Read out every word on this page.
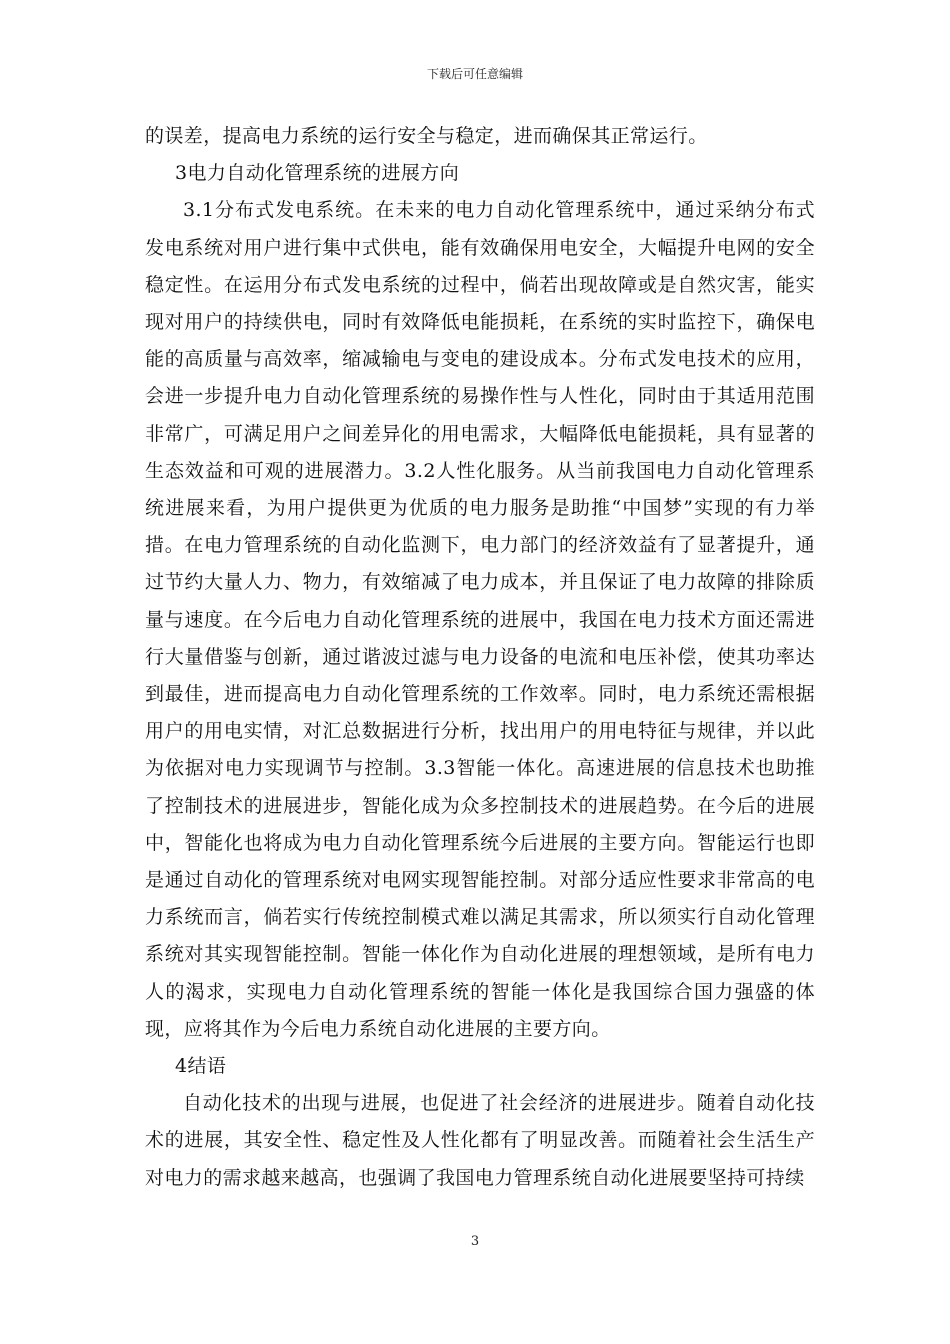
下载后可任意编辑

的误差，提高电力系统的运行安全与稳定，进而确保其正常运行。

3电力自动化管理系统的进展方向

3.1分布式发电系统。在未来的电力自动化管理系统中，通过采纳分布式发电系统对用户进行集中式供电，能有效确保用电安全，大幅提升电网的安全稳定性。在运用分布式发电系统的过程中，倘若出现故障或是自然灾害，能实现对用户的持续供电，同时有效降低电能损耗，在系统的实时监控下，确保电能的高质量与高效率，缩减输电与变电的建设成本。分布式发电技术的应用，会进一步提升电力自动化管理系统的易操作性与人性化，同时由于其适用范围非常广，可满足用户之间差异化的用电需求，大幅降低电能损耗，具有显著的生态效益和可观的进展潜力。3.2人性化服务。从当前我国电力自动化管理系统进展来看，为用户提供更为优质的电力服务是助推“中国梦”实现的有力举措。在电力管理系统的自动化监测下，电力部门的经济效益有了显著提升，通过节约大量人力、物力，有效缩减了电力成本，并且保证了电力故障的排除质量与速度。在今后电力自动化管理系统的进展中，我国在电力技术方面还需进行大量借鉴与创新，通过谐波过滤与电力设备的电流和电压补偿，使其功率达到最佳，进而提高电力自动化管理系统的工作效率。同时，电力系统还需根据用户的用电实情，对汇总数据进行分析，找出用户的用电特征与规律，并以此为依据对电力实现调节与控制。3.3智能一体化。高速进展的信息技术也助推了控制技术的进展进步，智能化成为众多控制技术的进展趋势。在今后的进展中，智能化也将成为电力自动化管理系统今后进展的主要方向。智能运行也即是通过自动化的管理系统对电网实现智能控制。对部分适应性要求非常高的电力系统而言，倘若实行传统控制模式难以满足其需求，所以须实行自动化管理系统对其实现智能控制。智能一体化作为自动化进展的理想领域，是所有电力人的渴求，实现电力自动化管理系统的智能一体化是我国综合国力强盛的体现，应将其作为今后电力系统自动化进展的主要方向。

4结语

自动化技术的出现与进展，也促进了社会经济的进展进步。随着自动化技术的进展，其安全性、稳定性及人性化都有了明显改善。而随着社会生活生产对电力的需求越来越高，也强调了我国电力管理系统自动化进展要坚持可持续

3
